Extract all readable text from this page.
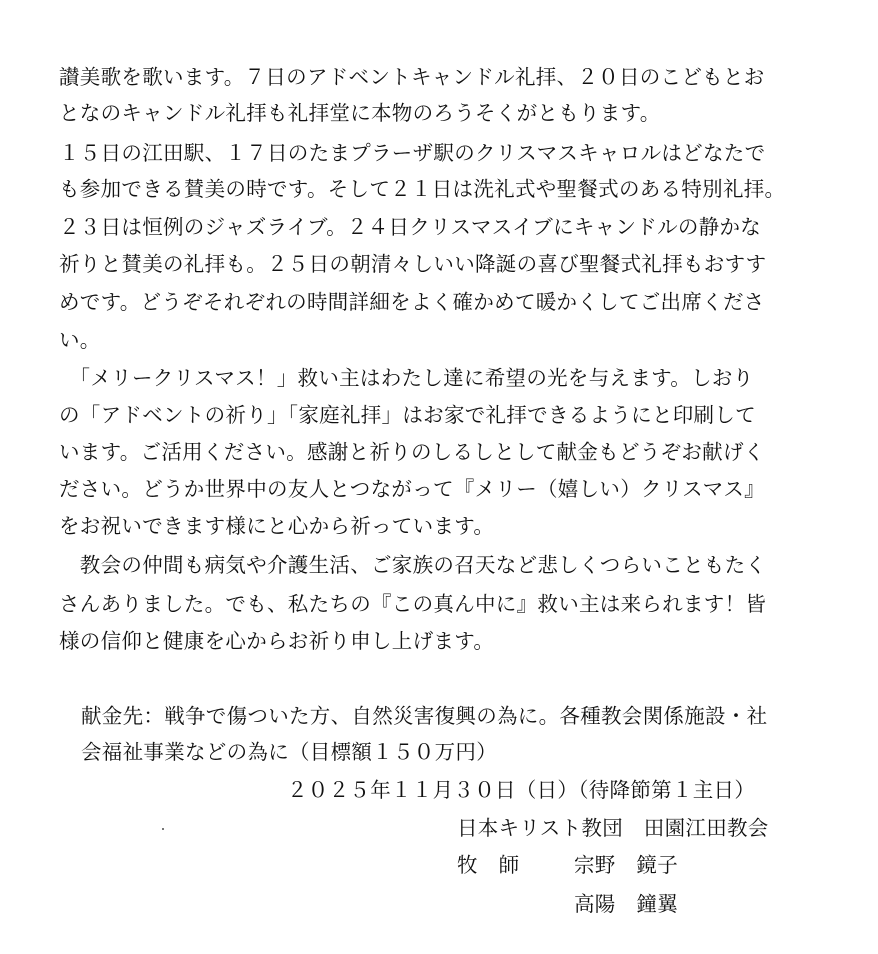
讃美歌を歌います。７日のアドベントキャンドル礼拝、２０日のこどもとお
となのキャンドル礼拝も礼拝堂に本物のろうそくがともります。
１５日の江田駅、１７日のたまプラーザ駅のクリスマスキャロルはどなたで
も参加できる賛美の時です。そして２１日は洗礼式や聖餐式のある特別礼拝。
２３日は恒例のジャズライブ。２４日クリスマスイブにキャンドルの静かな
祈りと賛美の礼拝も。２５日の朝清々しいい降誕の喜び聖餐式礼拝もおすす
めです。どうぞそれぞれの時間詳細をよく確かめて暖かくしてご出席くださ
い。
　「メリークリスマス！」救い主はわたし達に希望の光を与えます。しおり
の「アドベントの祈り」「家庭礼拝」はお家で礼拝できるようにと印刷して
います。ご活用ください。感謝と祈りのしるしとして献金もどうぞお献げく
ださい。どうか世界中の友人とつながって『メリー（嬉しい）クリスマス』
をお祝いできます様にと心から祈っています。
　教会の仲間も病気や介護生活、ご家族の召天など悲しくつらいこともたく
さんありました。でも、私たちの『この真ん中に』救い主は来られます！皆
様の信仰と健康を心からお祈り申し上げます。
献金先：戦争で傷ついた方、自然災害復興の為に。各種教会関係施設・社
会福祉事業などの為に（目標額１５０万円）
２０２５年１１月３０日（日）（待降節第１主日）
日本キリスト教団　田園江田教会
牧　師	宗野　鏡子
高陽　鐘翼
